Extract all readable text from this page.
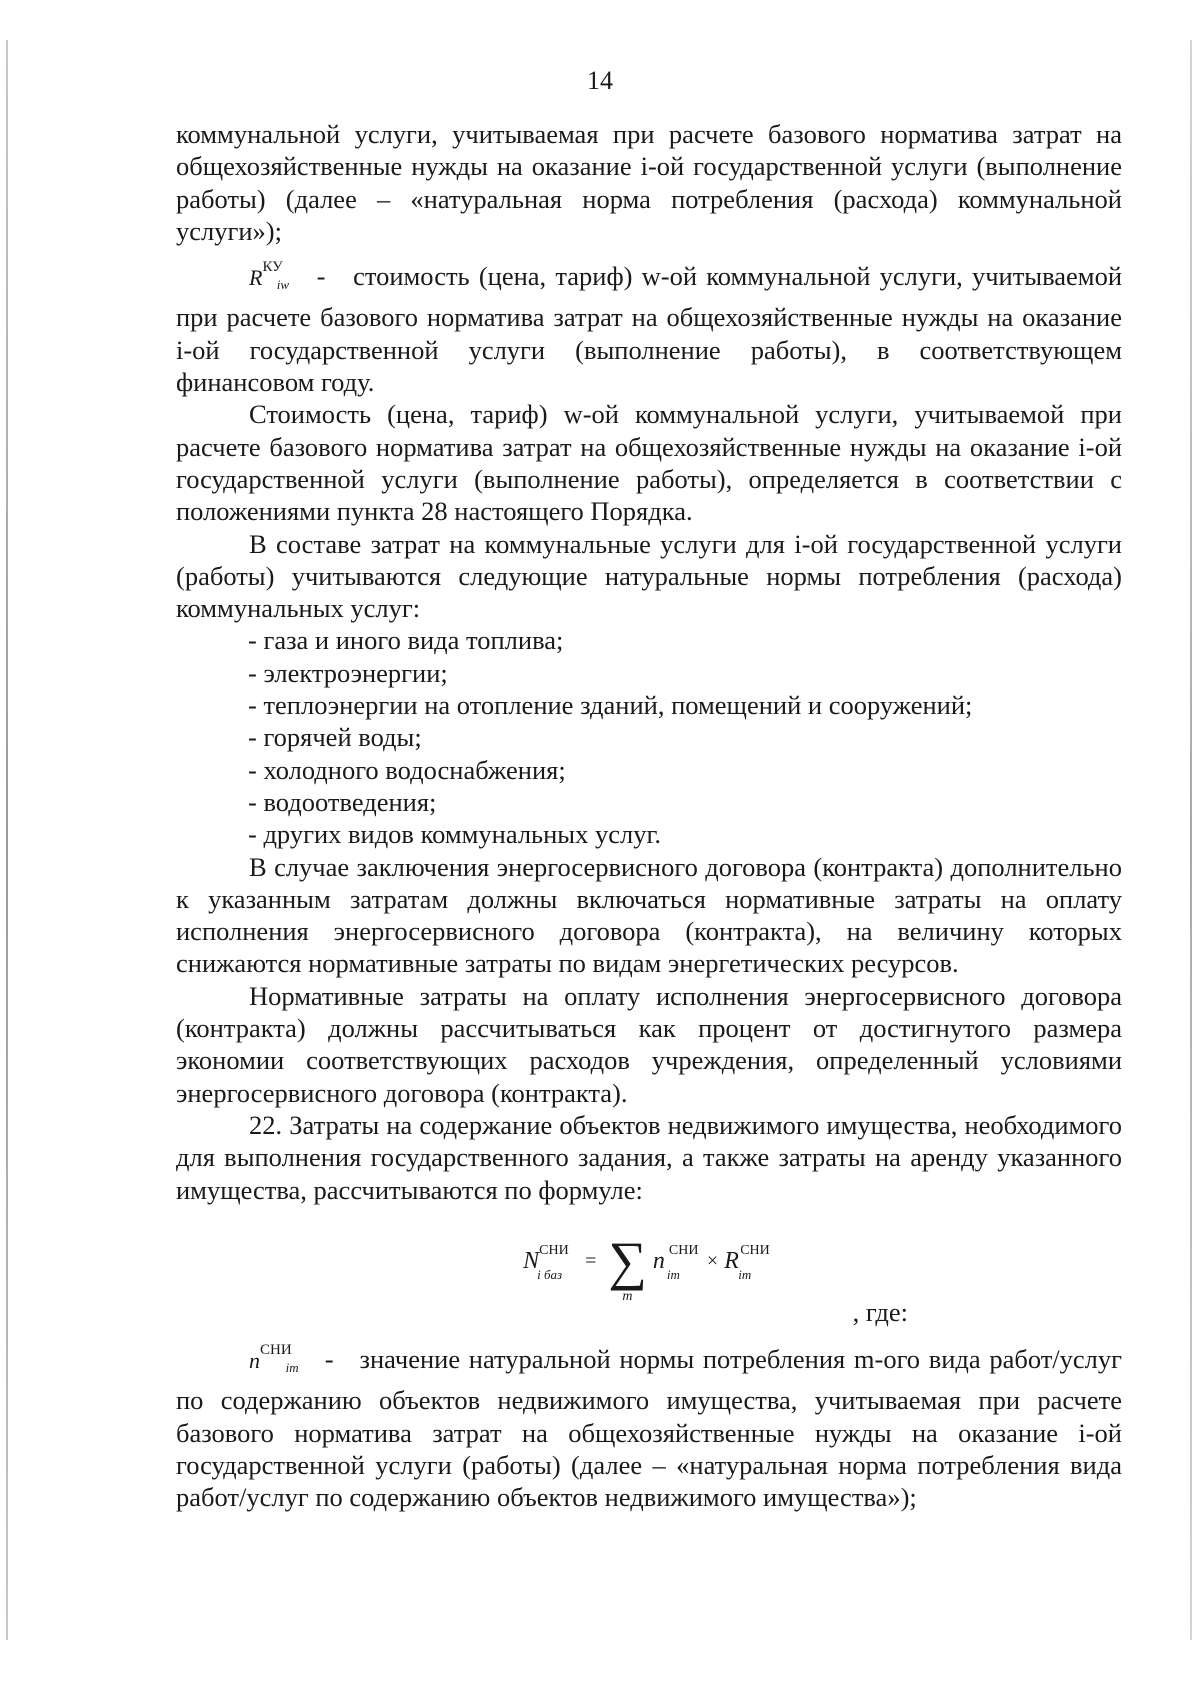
14

коммунальной услуги, учитываемая при расчете базового норматива затрат на общехозяйственные нужды на оказание i-ой государственной услуги (выполнение работы) (далее – «натуральная норма потребления (расхода) коммунальной услуги»);

$R^{КУ}_{iw}$ - стоимость (цена, тариф) w-ой коммунальной услуги, учитываемой при расчете базового норматива затрат на общехозяйственные нужды на оказание i-ой государственной услуги (выполнение работы), в соответствующем финансовом году.

Стоимость (цена, тариф) w-ой коммунальной услуги, учитываемой при расчете базового норматива затрат на общехозяйственные нужды на оказание i-ой государственной услуги (выполнение работы), определяется в соответствии с положениями пункта 28 настоящего Порядка.

В составе затрат на коммунальные услуги для i-ой государственной услуги (работы) учитываются следующие натуральные нормы потребления (расхода) коммунальных услуг:

- газа и иного вида топлива;

- электроэнергии;

- теплоэнергии на отопление зданий, помещений и сооружений;

- горячей воды;

- холодного водоснабжения;

- водоотведения;

- других видов коммунальных услуг.

В случае заключения энергосервисного договора (контракта) дополнительно к указанным затратам должны включаться нормативные затраты на оплату исполнения энергосервисного договора (контракта), на величину которых снижаются нормативные затраты по видам энергетических ресурсов.

Нормативные затраты на оплату исполнения энергосервисного договора (контракта) должны рассчитываться как процент от достигнутого размера экономии соответствующих расходов учреждения, определенный условиями энергосервисного договора (контракта).

22. Затраты на содержание объектов недвижимого имущества, необходимого для выполнения государственного задания, а также затраты на аренду указанного имущества, рассчитываются по формуле:

N СНИ
i баз
= ∑
m
n СНИ
im
× R СНИ
im

, где:

$n^{СНИ}_{im}$ - значение натуральной нормы потребления m-ого вида работ/услуг по содержанию объектов недвижимого имущества, учитываемая при расчете базового норматива затрат на общехозяйственные нужды на оказание i-ой государственной услуги (работы) (далее – «натуральная норма потребления вида работ/услуг по содержанию объектов недвижимого имущества»);
